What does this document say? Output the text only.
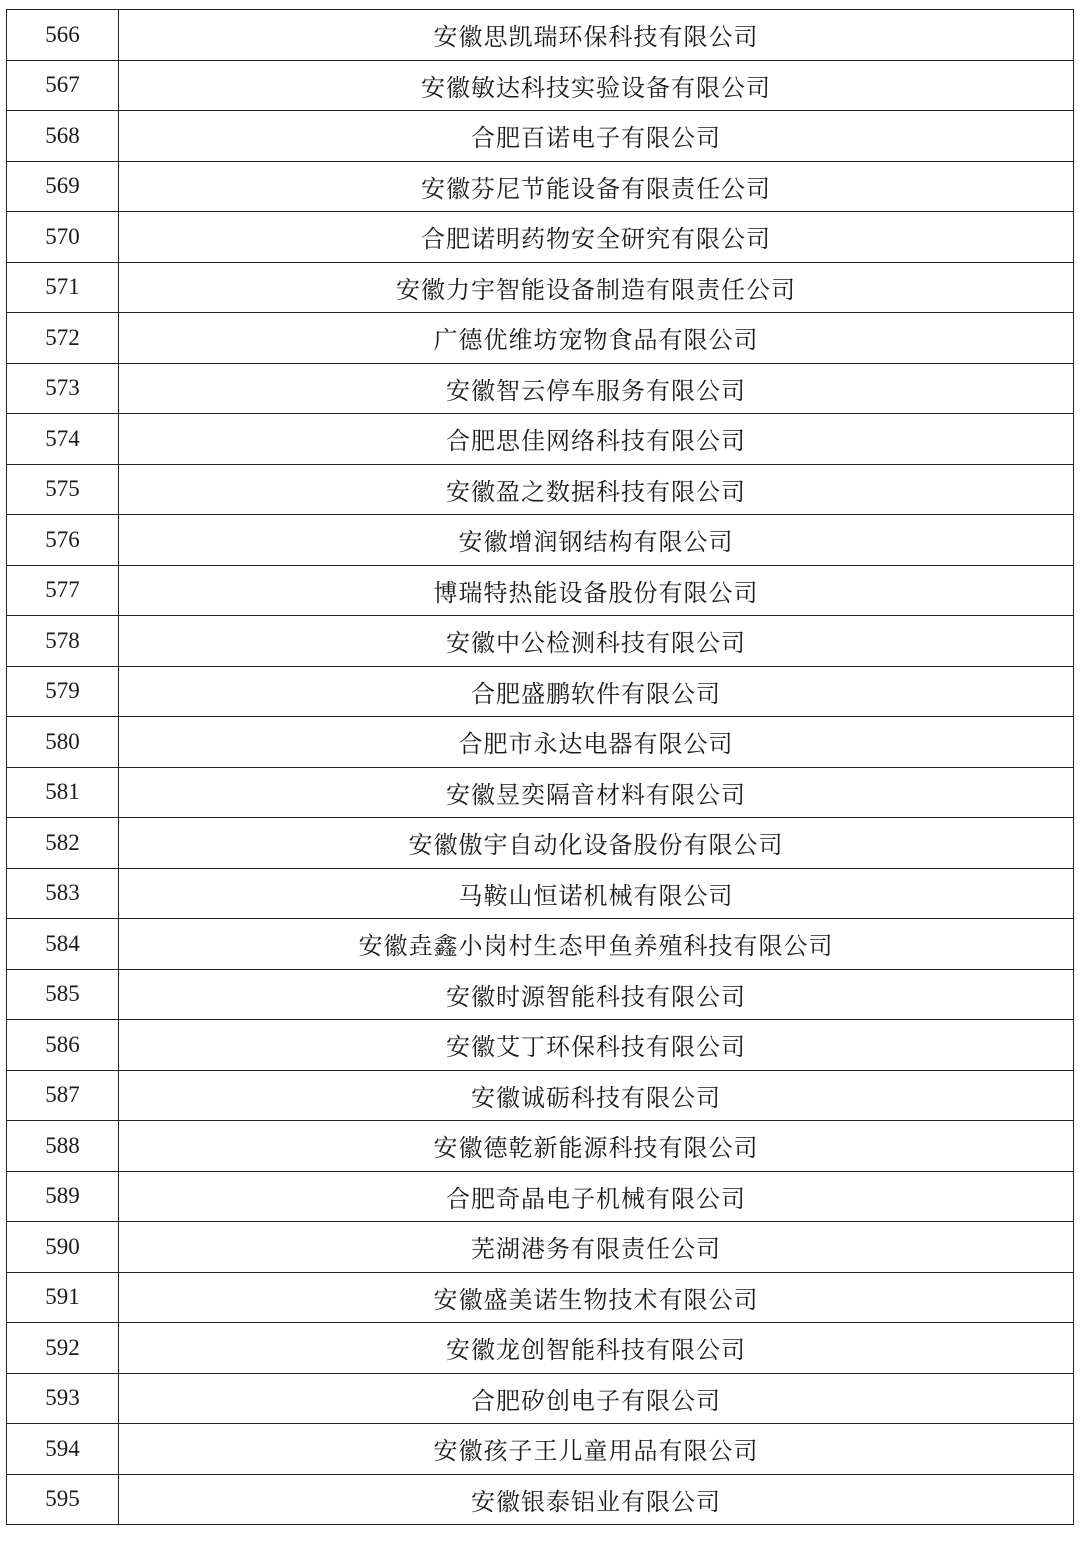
566	安徽思凯瑞环保科技有限公司
567	安徽敏达科技实验设备有限公司
568	合肥百诺电子有限公司
569	安徽芬尼节能设备有限责任公司
570	合肥诺明药物安全研究有限公司
571	安徽力宇智能设备制造有限责任公司
572	广德优维坊宠物食品有限公司
573	安徽智云停车服务有限公司
574	合肥思佳网络科技有限公司
575	安徽盈之数据科技有限公司
576	安徽增润钢结构有限公司
577	博瑞特热能设备股份有限公司
578	安徽中公检测科技有限公司
579	合肥盛鹏软件有限公司
580	合肥市永达电器有限公司
581	安徽昱奕隔音材料有限公司
582	安徽傲宇自动化设备股份有限公司
583	马鞍山恒诺机械有限公司
584	安徽垚鑫小岗村生态甲鱼养殖科技有限公司
585	安徽时源智能科技有限公司
586	安徽艾丁环保科技有限公司
587	安徽诚砺科技有限公司
588	安徽德乾新能源科技有限公司
589	合肥奇晶电子机械有限公司
590	芜湖港务有限责任公司
591	安徽盛美诺生物技术有限公司
592	安徽龙创智能科技有限公司
593	合肥矽创电子有限公司
594	安徽孩子王儿童用品有限公司
595	安徽银泰铝业有限公司
